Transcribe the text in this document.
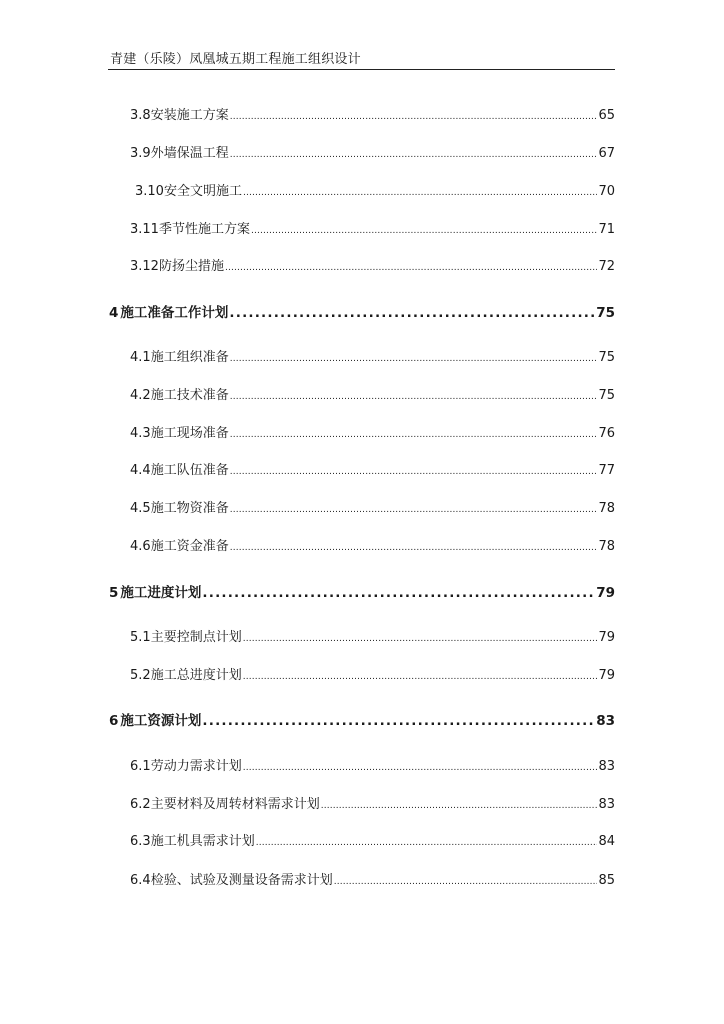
青建（乐陵）凤凰城五期工程施工组织设计
3.8 安装施工方案 .....	65
3.9 外墙保温工程 .....	67
3.10 安全文明施工 .....	70
3.11 季节性施工方案 .....	71
3.12 防扬尘措施 .....	72
4 施工准备工作计划 .....	75
4.1 施工组织准备 .....	75
4.2 施工技术准备 .....	75
4.3 施工现场准备 .....	76
4.4 施工队伍准备 .....	77
4.5 施工物资准备 .....	78
4.6 施工资金准备 .....	78
5 施工进度计划 .....	79
5.1 主要控制点计划 .....	79
5.2 施工总进度计划 .....	79
6 施工资源计划 .....	83
6.1 劳动力需求计划 .....	83
6.2 主要材料及周转材料需求计划 .....	83
6.3 施工机具需求计划 .....	84
6.4 检验、试验及测量设备需求计划 .....	85
